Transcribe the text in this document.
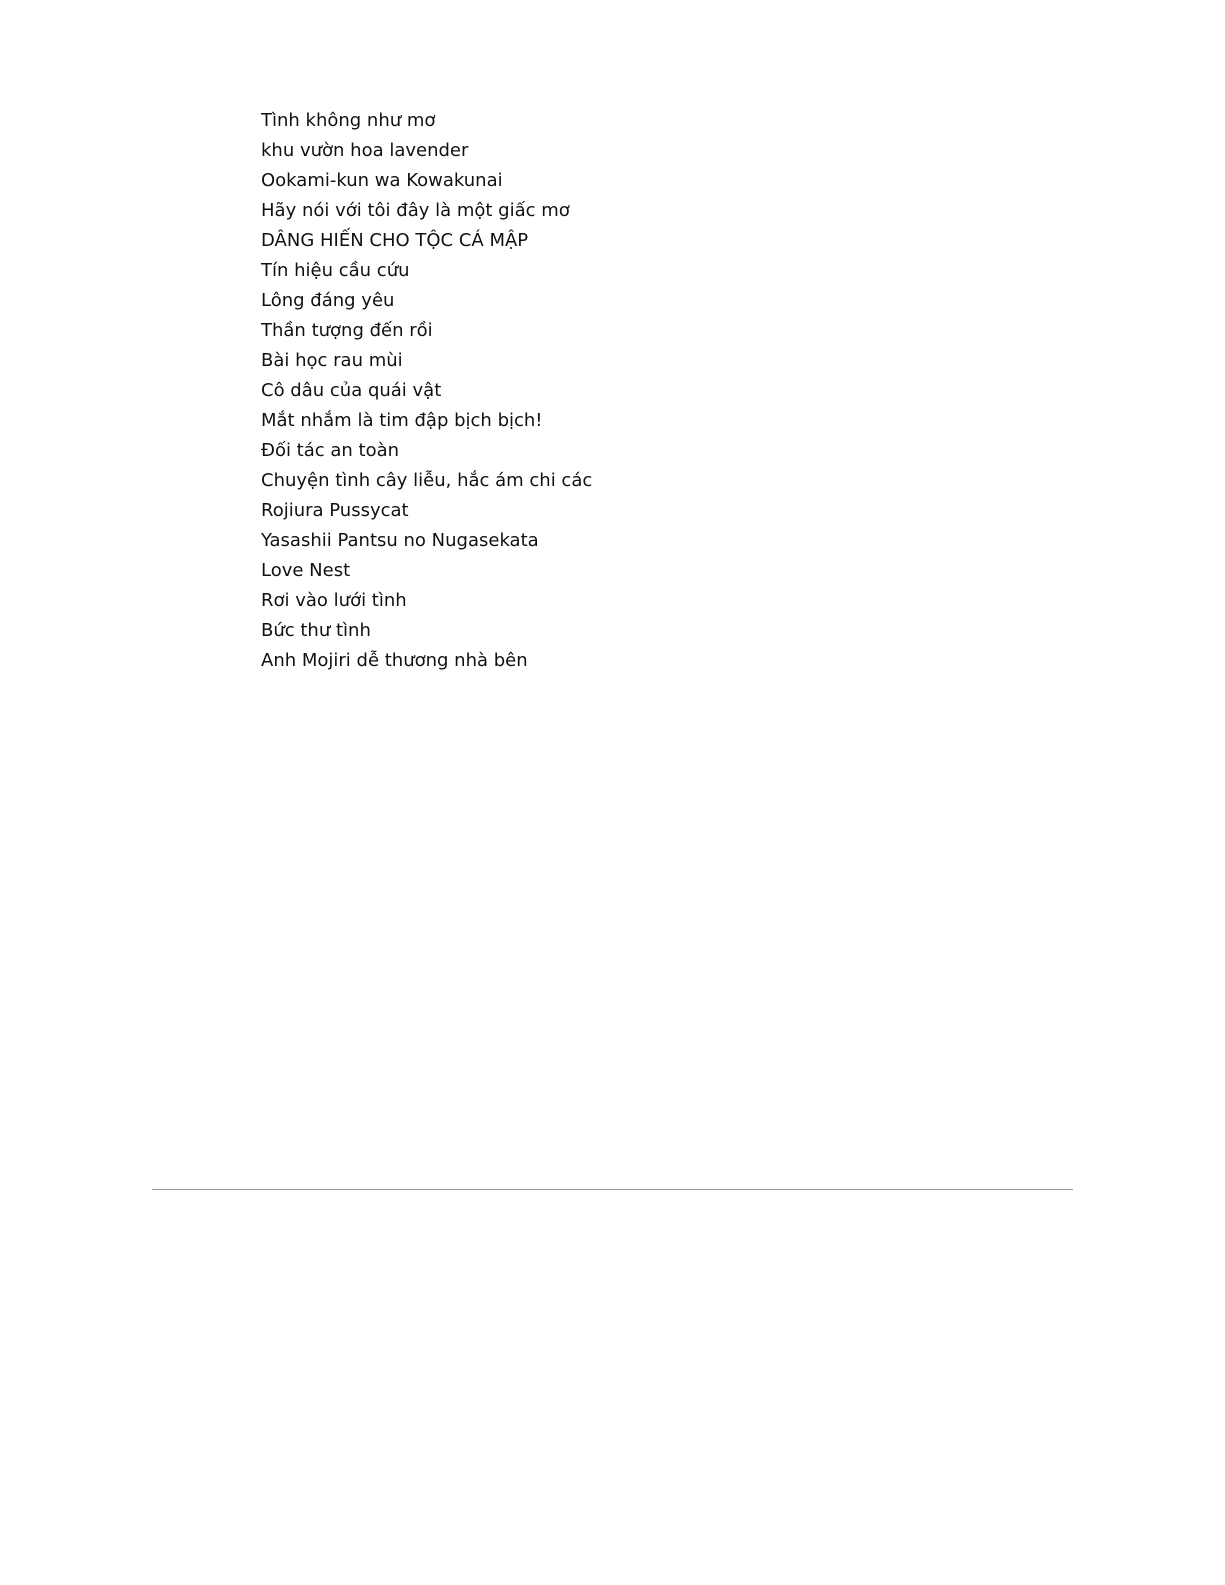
Tình không như mơ
khu vườn hoa lavender
Ookami-kun wa Kowakunai
Hãy nói với tôi đây là một giấc mơ
DÂNG HIẾN CHO TỘC CÁ MẬP
Tín hiệu cầu cứu
Lông đáng yêu
Thần tượng đến rồi
Bài học rau mùi
Cô dâu của quái vật
Mắt nhắm là tim đập bịch bịch!
Đối tác an toàn
Chuyện tình cây liễu, hắc ám chi các
Rojiura Pussycat
Yasashii Pantsu no Nugasekata
Love Nest
Rơi vào lưới tình
Bức thư tình
Anh Mojiri dễ thương nhà bên
